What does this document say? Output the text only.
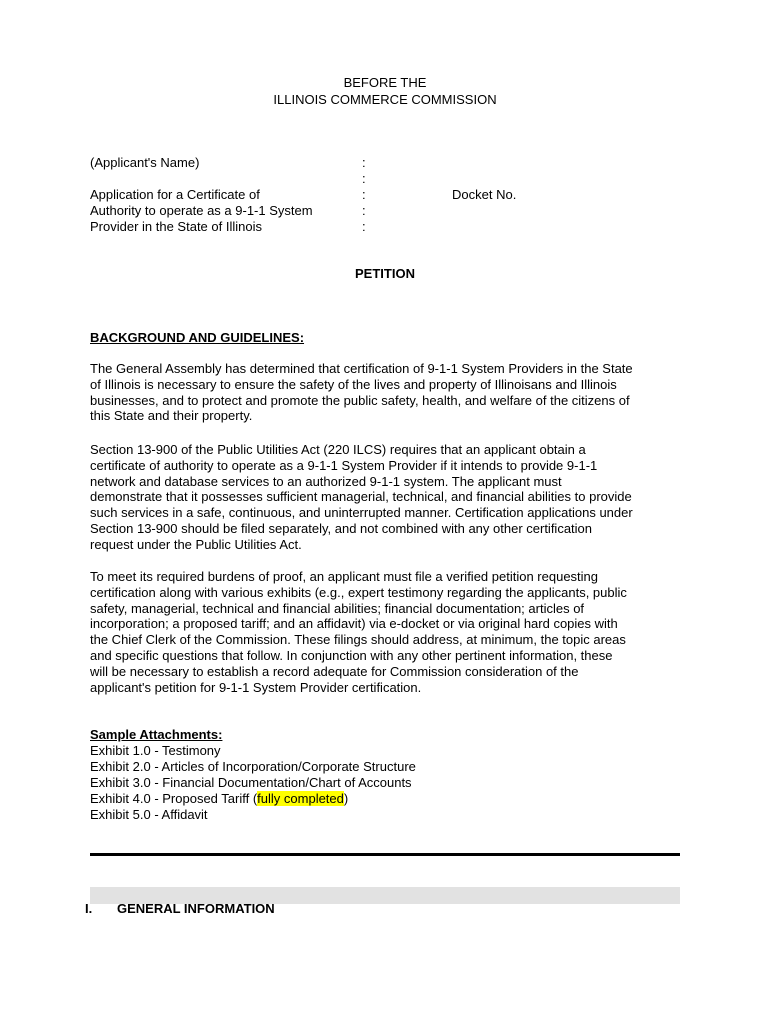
BEFORE THE

ILLINOIS COMMERCE COMMISSION

(Applicant's Name)

Application for a Certificate of

Authority to operate as a 9-1-1 System

Provider in the State of Illinois

:

:

:

:

:

Docket No.

PETITION

BACKGROUND AND GUIDELINES:

The General Assembly has determined that certification of 9-1-1 System Providers in the State
of Illinois is necessary to ensure the safety of the lives and property of Illinoisans and Illinois
businesses, and to protect and promote the public safety, health, and welfare of the citizens of
this State and their property.

Section 13-900 of the Public Utilities Act (220 ILCS) requires that an applicant obtain a
certificate of authority to operate as a 9-1-1 System Provider if it intends to provide 9-1-1
network and database services to an authorized 9-1-1 system. The applicant must
demonstrate that it possesses sufficient managerial, technical, and financial abilities to provide
such services in a safe, continuous, and uninterrupted manner. Certification applications under
Section 13-900 should be filed separately, and not combined with any other certification
request under the Public Utilities Act.

To meet its required burdens of proof, an applicant must file a verified petition requesting
certification along with various exhibits (e.g., expert testimony regarding the applicants, public
safety, managerial, technical and financial abilities; financial documentation; articles of
incorporation; a proposed tariff; and an affidavit) via e-docket or via original hard copies with
the Chief Clerk of the Commission. These filings should address, at minimum, the topic areas
and specific questions that follow. In conjunction with any other pertinent information, these
will be necessary to establish a record adequate for Commission consideration of the
applicant's petition for 9-1-1 System Provider certification.

Sample Attachments:

Exhibit 1.0 - Testimony

Exhibit 2.0 - Articles of Incorporation/Corporate Structure

Exhibit 3.0 - Financial Documentation/Chart of Accounts

Exhibit 4.0 - Proposed Tariff (fully completed)

Exhibit 5.0 - Affidavit

I. GENERAL INFORMATION
